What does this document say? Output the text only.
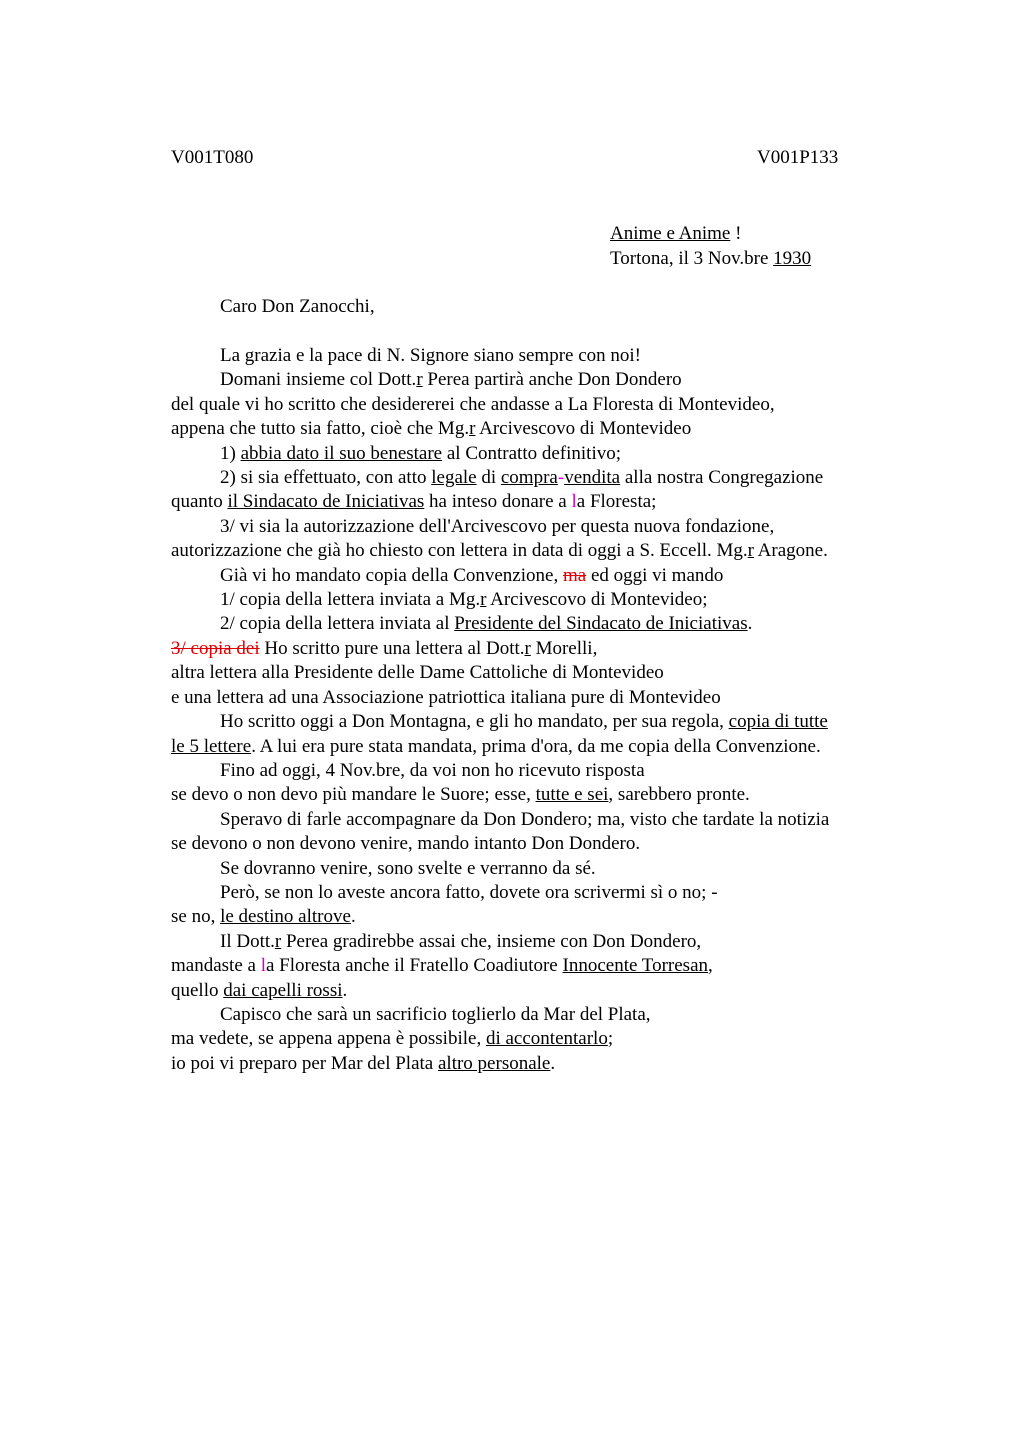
V001T080	V001P133
Anime e Anime !
Tortona, il 3 Nov.bre 1930
Caro Don Zanocchi,
La grazia e la pace di N. Signore siano sempre con noi!
Domani insieme col Dott.r Perea partirà anche Don Dondero
del quale vi ho scritto che desidererei che andasse a La Floresta di Montevideo,
appena che tutto sia fatto, cioè che Mg.r Arcivescovo di Montevideo
1) abbia dato il suo benestare al Contratto definitivo;
2) si sia effettuato, con atto legale di compra-vendita alla nostra Congregazione
quanto il Sindacato de Iniciativas ha inteso donare a la Floresta;
3/ vi sia la autorizzazione dell'Arcivescovo per questa nuova fondazione,
autorizzazione che già ho chiesto con lettera in data di oggi a S. Eccell. Mg.r Aragone.
Già vi ho mandato copia della Convenzione, ma ed oggi vi mando
1/ copia della lettera inviata a Mg.r Arcivescovo di Montevideo;
2/ copia della lettera inviata al Presidente del Sindacato de Iniciativas.
3/ copia dei Ho scritto pure una lettera al Dott.r Morelli,
altra lettera alla Presidente delle Dame Cattoliche di Montevideo
e una lettera ad una Associazione patriottica italiana pure di Montevideo
Ho scritto oggi a Don Montagna, e gli ho mandato, per sua regola, copia di tutte
le 5 lettere. A lui era pure stata mandata, prima d'ora, da me copia della Convenzione.
Fino ad oggi, 4 Nov.bre, da voi non ho ricevuto risposta
se devo o non devo più mandare le Suore; esse, tutte e sei, sarebbero pronte.
Speravo di farle accompagnare da Don Dondero; ma, visto che tardate la notizia
se devono o non devono venire, mando intanto Don Dondero.
Se dovranno venire, sono svelte e verranno da sé.
Però, se non lo aveste ancora fatto, dovete ora scrivermi sì o no; -
se no, le destino altrove.
Il Dott.r Perea gradirebbe assai che, insieme con Don Dondero,
mandaste a la Floresta anche il Fratello Coadiutore Innocente Torresan,
quello dai capelli rossi.
Capisco che sarà un sacrificio toglierlo da Mar del Plata,
ma vedete, se appena appena è possibile, di accontentarlo;
io poi vi preparo per Mar del Plata altro personale.
